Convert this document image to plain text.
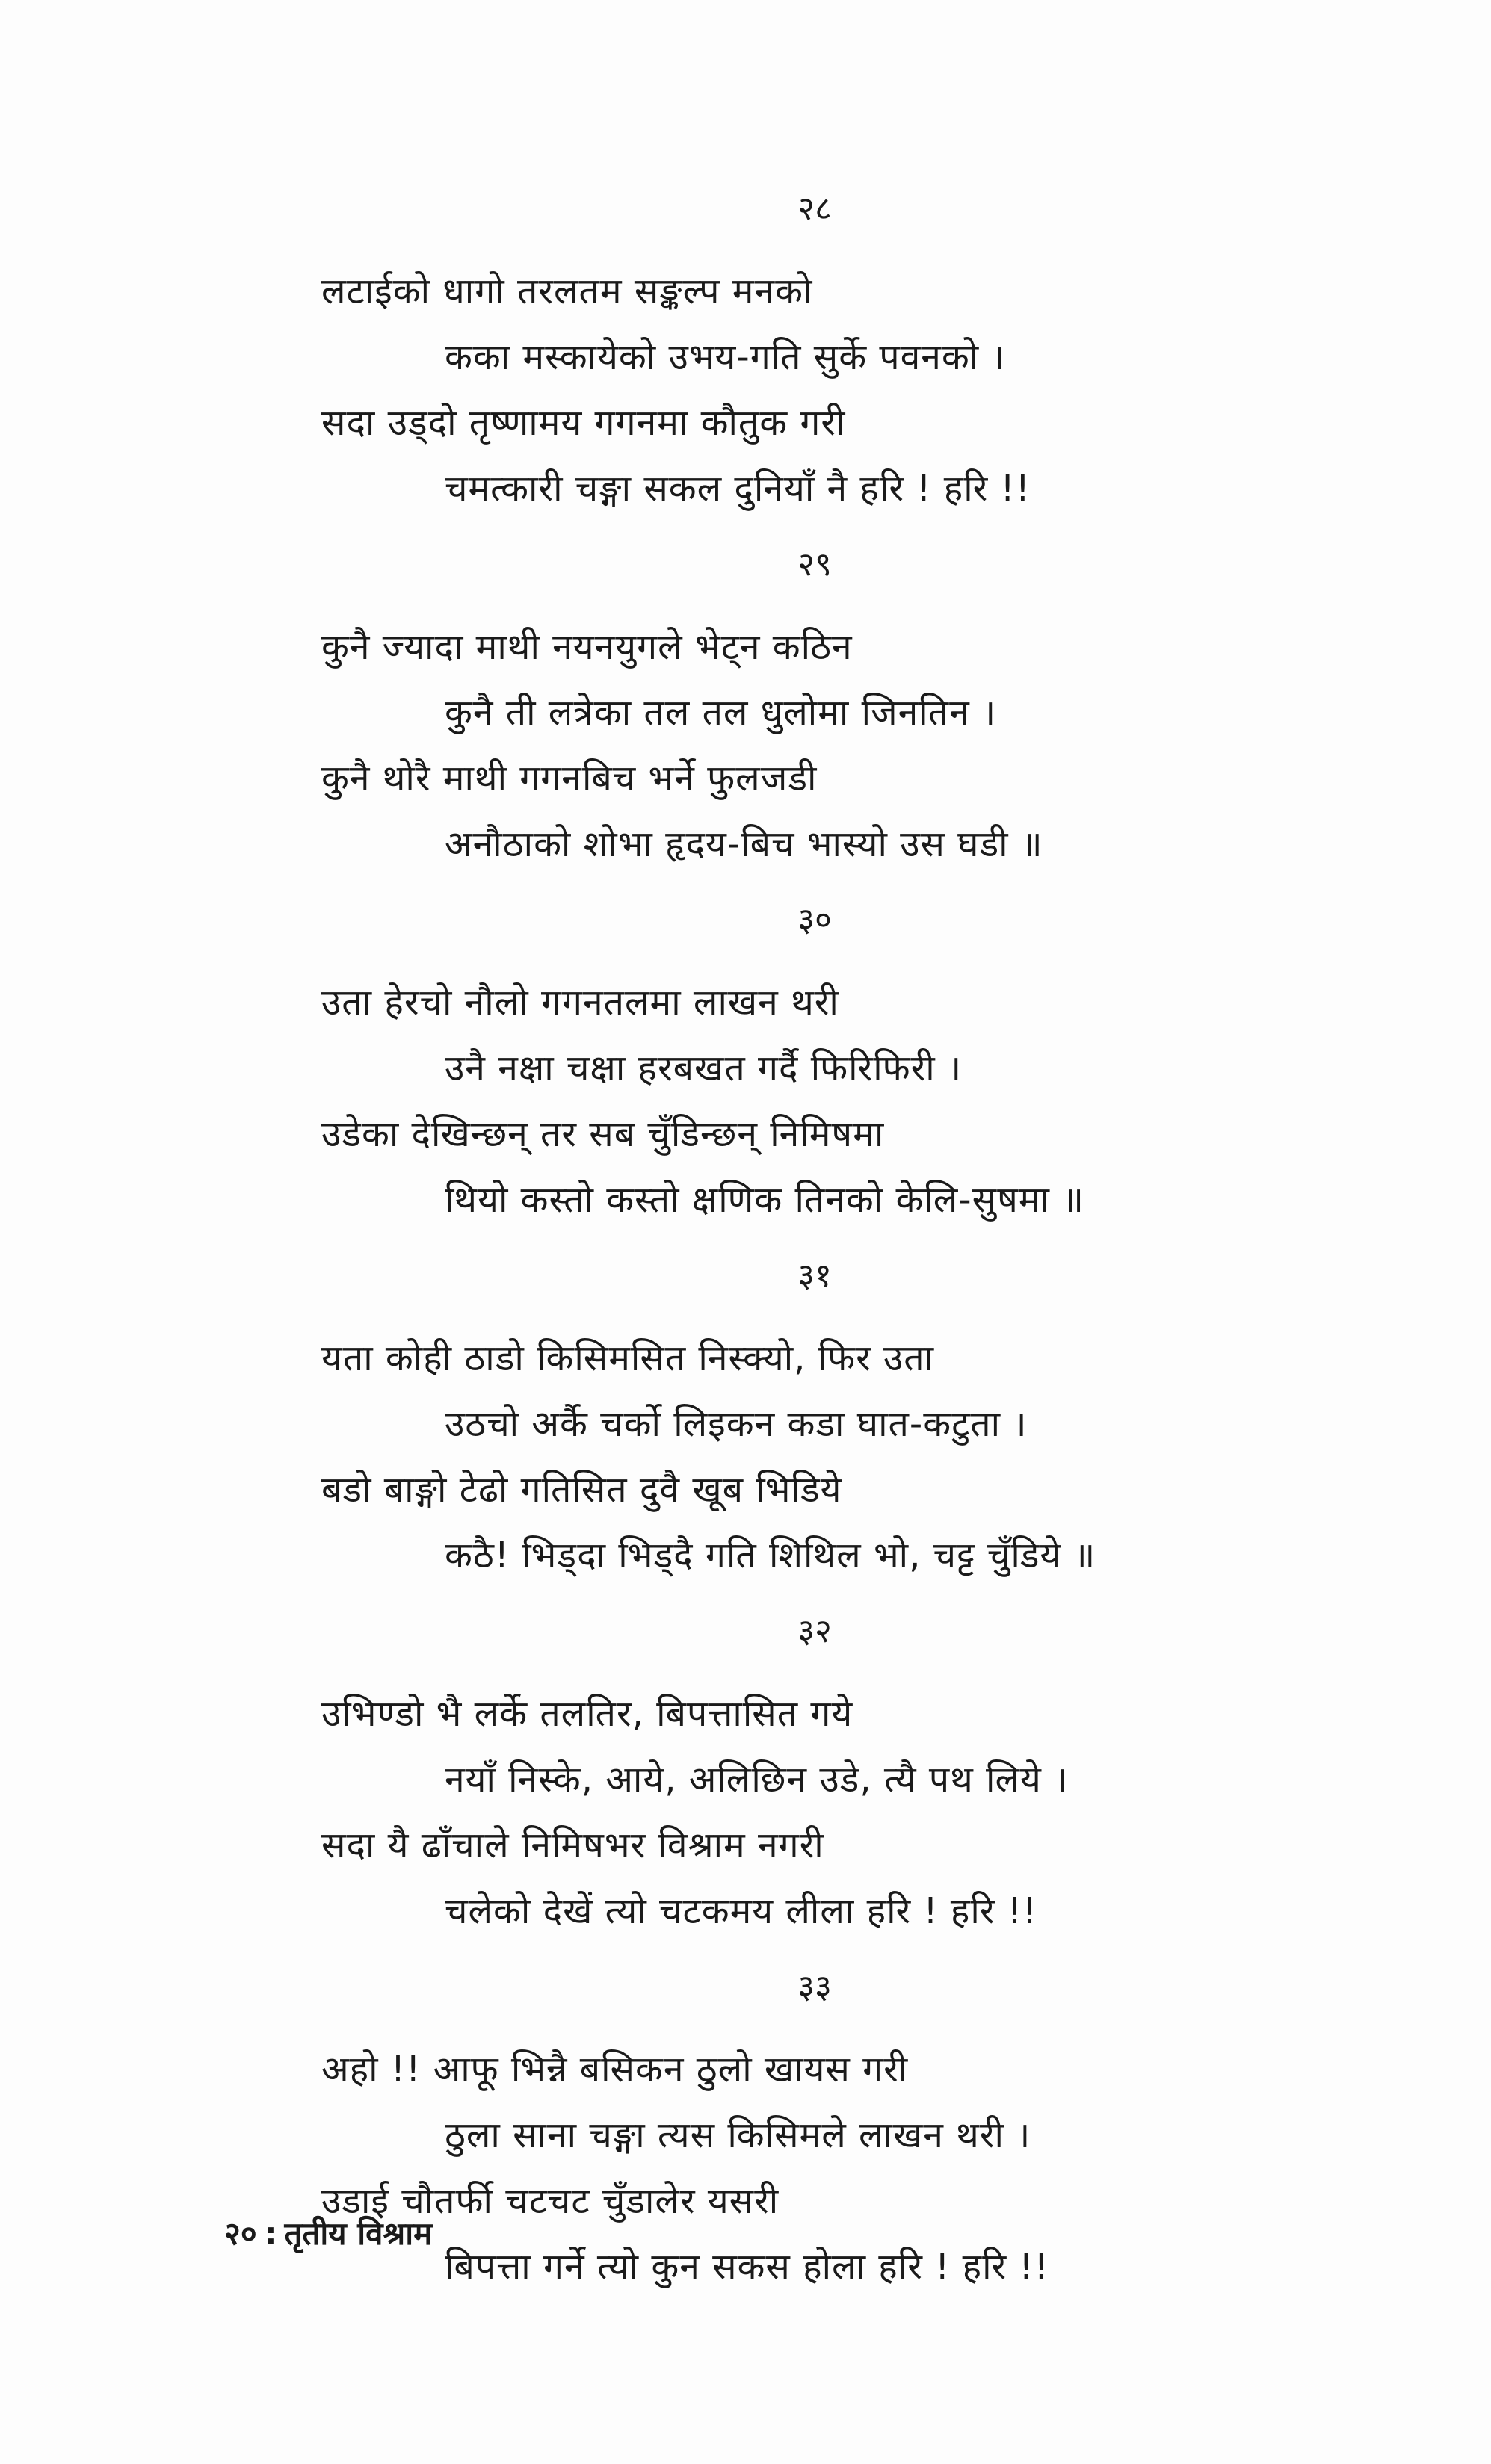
२८
लटाईको धागो तरलतम सङ्कल्प मनको
कका मस्कायेको उभय-गति सुर्के पवनको ।
सदा उड्दो तृष्णामय गगनमा कौतुक गरी
चमत्कारी चङ्गा सकल दुनियाँ नै हरि ! हरि !!
२९
कुनै ज्यादा माथी नयनयुगले भेट्न कठिन
कुनै ती लत्रेका तल तल धुलोमा जिनतिन ।
कुनै थोरै माथी गगनबिच भर्ने फुलजडी
अनौठाको शोभा हृदय-बिच भास्यो उस घडी ॥
३०
उता हेरचो नौलो गगनतलमा लाखन थरी
उनै नक्षा चक्षा हरबखत गर्दै फिरिफिरी ।
उडेका देखिन्छन् तर सब चुँडिन्छन् निमिषमा
थियो कस्तो कस्तो क्षणिक तिनको केलि-सुषमा ॥
३१
यता कोही ठाडो किसिमसित निस्क्यो, फिर उता
उठचो अर्कै चर्को लिइकन कडा घात-कटुता ।
बडो बाङ्गो टेढो गतिसित दुवै खूब भिडिये
कठै! भिड्दा भिड्दै गति शिथिल भो, चट्ट चुँडिये ॥
३२
उभिण्डो भै लर्के तलतिर, बिपत्तासित गये
नयाँ निस्के, आये, अलिछिन उडे, त्यै पथ लिये ।
सदा यै ढाँचाले निमिषभर विश्राम नगरी
चलेको देखें त्यो चटकमय लीला हरि ! हरि !!
३३
अहो !! आफू भिन्नै बसिकन ठुलो खायस गरी
ठुला साना चङ्गा त्यस किसिमले लाखन थरी ।
उडाई चौतर्फी चटचट चुँडालेर यसरी
बिपत्ता गर्ने त्यो कुन सकस होला हरि ! हरि !!
२० : तृतीय विश्राम
